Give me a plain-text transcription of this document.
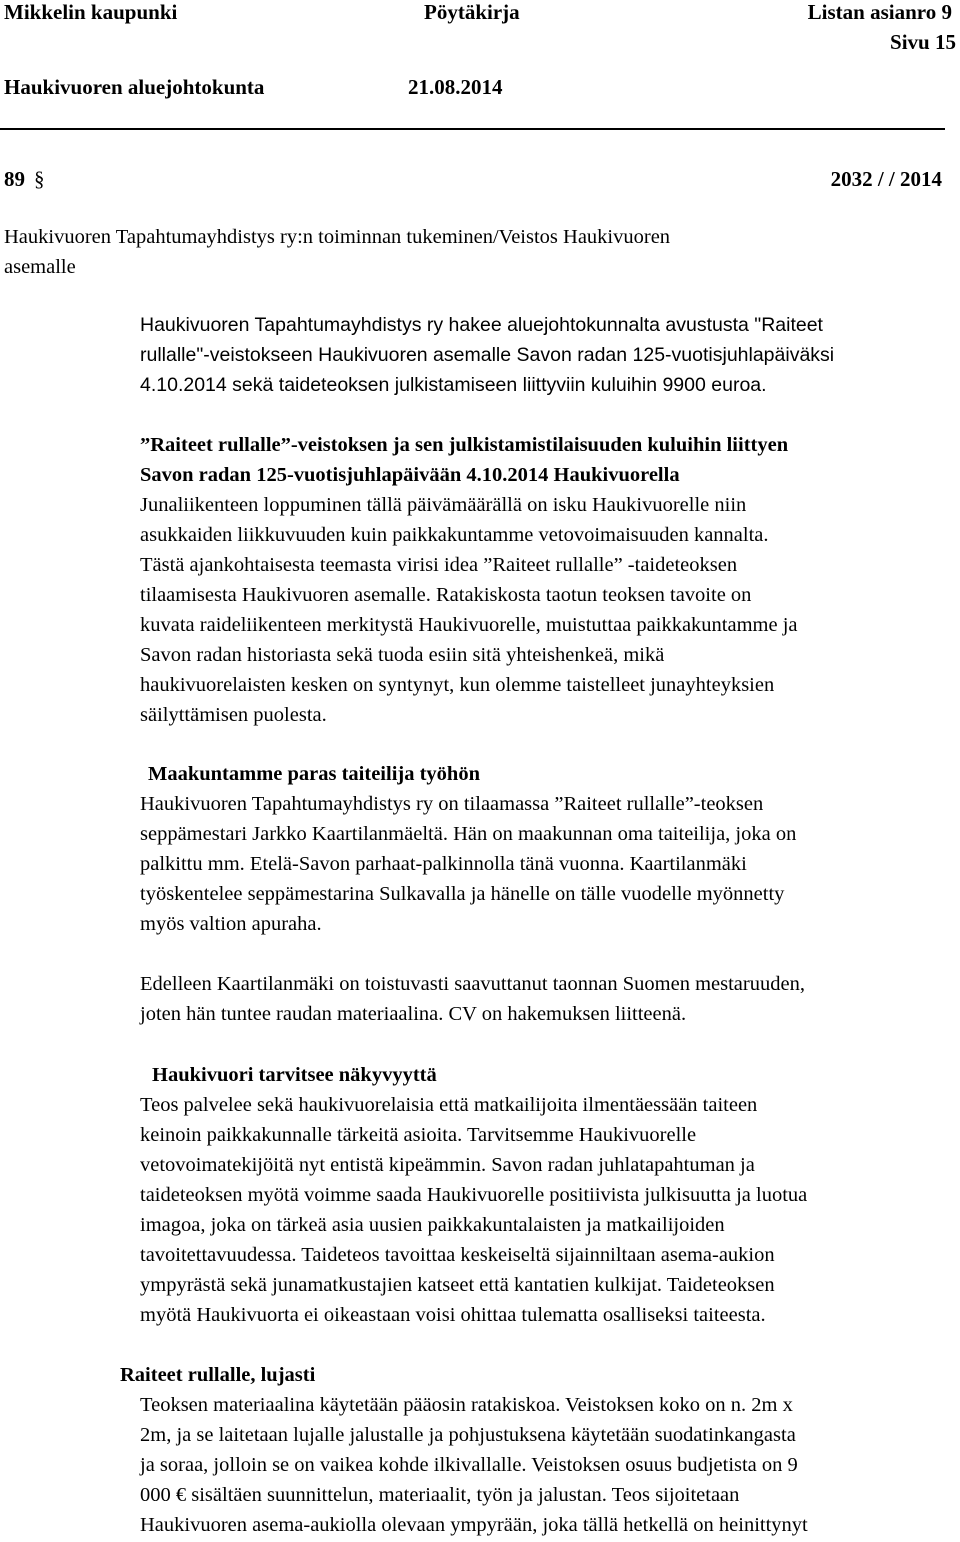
Mikkelin kaupunki	Pöytäkirja	Listan asianro 9
Sivu 15
Haukivuoren aluejohtokunta	21.08.2014
89 §	2032 / / 2014
Haukivuoren Tapahtumayhdistys ry:n toiminnan tukeminen/Veistos Haukivuoren
asemalle
Haukivuoren Tapahtumayhdistys ry hakee aluejohtokunnalta avustusta "Raiteet
rullalle"-veistokseen Haukivuoren asemalle Savon radan 125-vuotisjuhlapäiväksi
4.10.2014 sekä taideteoksen julkistamiseen liittyviin kuluihin 9900 euroa.
”Raiteet rullalle”-veistoksen ja sen julkistamistilaisuuden kuluihin liittyen
Savon radan 125-vuotisjuhlapäivään 4.10.2014 Haukivuorella
Junaliikenteen loppuminen tällä päivämäärällä on isku Haukivuorelle niin
asukkaiden liikkuvuuden kuin paikkakuntamme vetovoimaisuuden kannalta.
Tästä ajankohtaisesta teemasta virisi idea ”Raiteet rullalle” -taideteoksen
tilaamisesta Haukivuoren asemalle. Ratakiskosta taotun teoksen tavoite on
kuvata raideliikenteen merkitystä Haukivuorelle, muistuttaa paikkakuntamme ja
Savon radan historiasta sekä tuoda esiin sitä yhteishenkeä, mikä
haukivuorelaisten kesken on syntynyt, kun olemme taistelleet junayhteyksien
säilyttämisen puolesta.
Maakuntamme paras taiteilija työhön
Haukivuoren Tapahtumayhdistys ry on tilaamassa ”Raiteet rullalle”-teoksen
seppämestari Jarkko Kaartilanmäeltä. Hän on maakunnan oma taiteilija, joka on
palkittu mm. Etelä-Savon parhaat-palkinnolla tänä vuonna. Kaartilanmäki
työskentelee seppämestarina Sulkavalla ja hänelle on tälle vuodelle myönnetty
myös valtion apuraha.
Edelleen Kaartilanmäki on toistuvasti saavuttanut taonnan Suomen mestaruuden,
joten hän tuntee raudan materiaalina. CV on hakemuksen liitteenä.
Haukivuori tarvitsee näkyvyyttä
Teos palvelee sekä haukivuorelaisia että matkailijoita ilmentäessään taiteen
keinoin paikkakunnalle tärkeitä asioita. Tarvitsemme Haukivuorelle
vetovoimatekijöitä nyt entistä kipeämmin. Savon radan juhlatapahtuman ja
taideteoksen myötä voimme saada Haukivuorelle positiivista julkisuutta ja luotua
imagoa, joka on tärkeä asia uusien paikkakuntalaisten ja matkailijoiden
tavoitettavuudessa. Taideteos tavoittaa keskeiseltä sijainniltaan asema-aukion
ympyrästä sekä junamatkustajien katseet että kantatien kulkijat. Taideteoksen
myötä Haukivuorta ei oikeastaan voisi ohittaa tulematta osalliseksi taiteesta.
Raiteet rullalle, lujasti
Teoksen materiaalina käytetään pääosin ratakiskoa. Veistoksen koko on n. 2m x
2m, ja se laitetaan lujalle jalustalle ja pohjustuksena käytetään suodatinkangasta
ja soraa, jolloin se on vaikea kohde ilkivallalle. Veistoksen osuus budjetista on 9
000 € sisältäen suunnittelun, materiaalit, työn ja jalustan. Teos sijoitetaan
Haukivuoren asema-aukiolla olevaan ympyrään, joka tällä hetkellä on heinittynyt
